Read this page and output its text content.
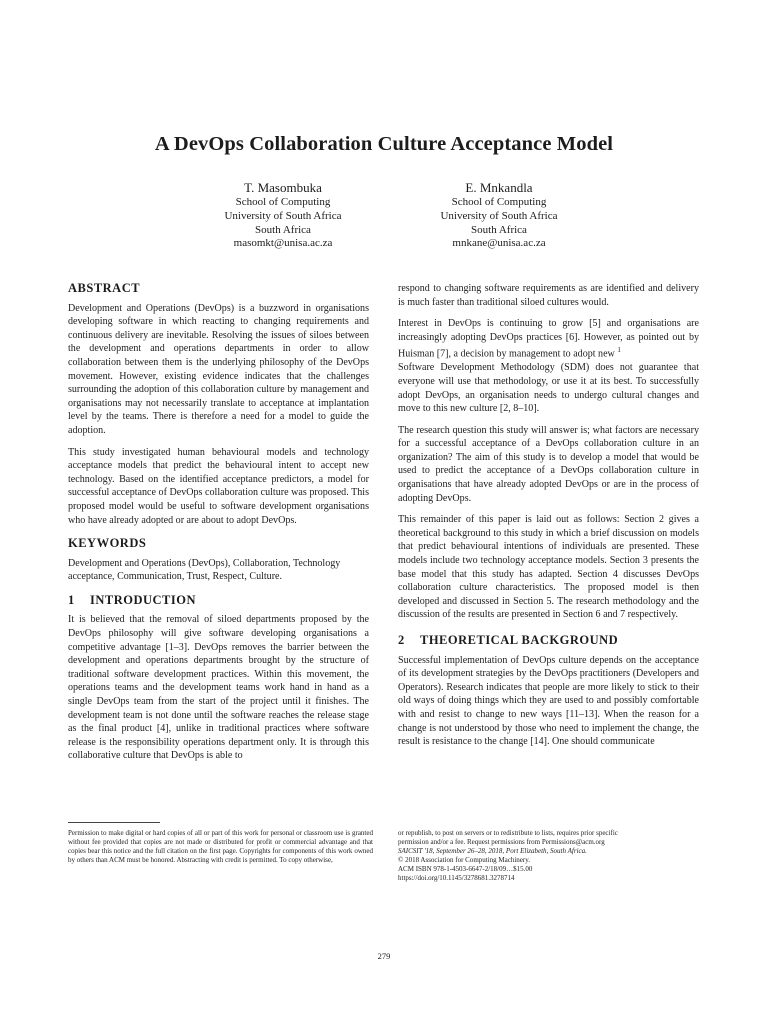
A DevOps Collaboration Culture Acceptance Model
T. Masombuka
School of Computing
University of South Africa
South Africa
masomkt@unisa.ac.za
E. Mnkandla
School of Computing
University of South Africa
South Africa
mnkane@unisa.ac.za
ABSTRACT

Development and Operations (DevOps) is a buzzword in organisations developing software in which reacting to changing requirements and continuous delivery are inevitable. Resolving the issues of siloes between the development and operations departments in order to allow collaboration between them is the underlying philosophy of the DevOps movement. However, existing evidence indicates that the challenges surrounding the adoption of this collaboration culture by management and organisations may not necessarily translate to acceptance at implantation level by the teams. There is therefore a need for a model to guide the adoption.

This study investigated human behavioural models and technology acceptance models that predict the behavioural intent to accept new technology. Based on the identified acceptance predictors, a model for successful acceptance of DevOps collaboration culture was proposed. This proposed model would be useful to software development organisations who have already adopted or are about to adopt DevOps.

KEYWORDS

Development and Operations (DevOps), Collaboration, Technology acceptance, Communication, Trust, Respect, Culture.

1 INTRODUCTION

It is believed that the removal of siloed departments proposed by the DevOps philosophy will give software developing organisations a competitive advantage [1–3]. DevOps removes the barrier between the development and operations departments brought by the structure of traditional software development practices. Within this movement, the operations teams and the development teams work hand in hand as a single DevOps team from the start of the project until it finishes. The development team is not done until the software reaches the release stage as the final product [4], unlike in traditional practices where software release is the responsibility operations department only. It is through this collaborative culture that DevOps is able to

respond to changing software requirements as are identified and delivery is much faster than traditional siloed cultures would.

Interest in DevOps is continuing to grow [5] and organisations are increasingly adopting DevOps practices [6]. However, as pointed out by Huisman [7], a decision by management to adopt new $^1$

Software Development Methodology (SDM) does not guarantee that everyone will use that methodology, or use it at its best. To successfully adopt DevOps, an organisation needs to undergo cultural changes and move to this new culture [2, 8–10].

The research question this study will answer is; what factors are necessary for a successful acceptance of a DevOps collaboration culture in an organization? The aim of this study is to develop a model that would be used to predict the acceptance of a DevOps collaboration culture in organisations that have already adopted DevOps or are in the process of adopting DevOps.

This remainder of this paper is laid out as follows: Section 2 gives a theoretical background to this study in which a brief discussion on models that predict behavioural intentions of individuals are presented. These models include two technology acceptance models. Section 3 presents the base model that this study has adapted. Section 4 discusses DevOps collaboration culture characteristics. The proposed model is then developed and discussed in Section 5. The research methodology and the discussion of the results are presented in Section 6 and 7 respectively.

2 THEORETICAL BACKGROUND

Successful implementation of DevOps culture depends on the acceptance of its development strategies by the DevOps practitioners (Developers and Operators). Research indicates that people are more likely to stick to their old ways of doing things which they are used to and possibly comfortable with and resist to change to new ways [11–13]. When the reason for a change is not understood by those who need to implement the change, the result is resistance to the change [14]. One should communicate

Permission to make digital or hard copies of all or part of this work for personal or classroom use is granted without fee provided that copies are not made or distributed for profit or commercial advantage and that copies bear this notice and the full citation on the first page. Copyrights for components of this work owned by others than ACM must be honored. Abstracting with credit is permitted. To copy otherwise,
or republish, to post on servers or to redistribute to lists, requires prior specific
permission and/or a fee. Request permissions from Permissions@acm.org
SAICSIT '18, September 26–28, 2018, Port Elizabeth, South Africa.
© 2018 Association for Computing Machinery.
ACM ISBN 978-1-4503-6647-2/18/09…$15.00
https://doi.org/10.1145/3278681.3278714
279
